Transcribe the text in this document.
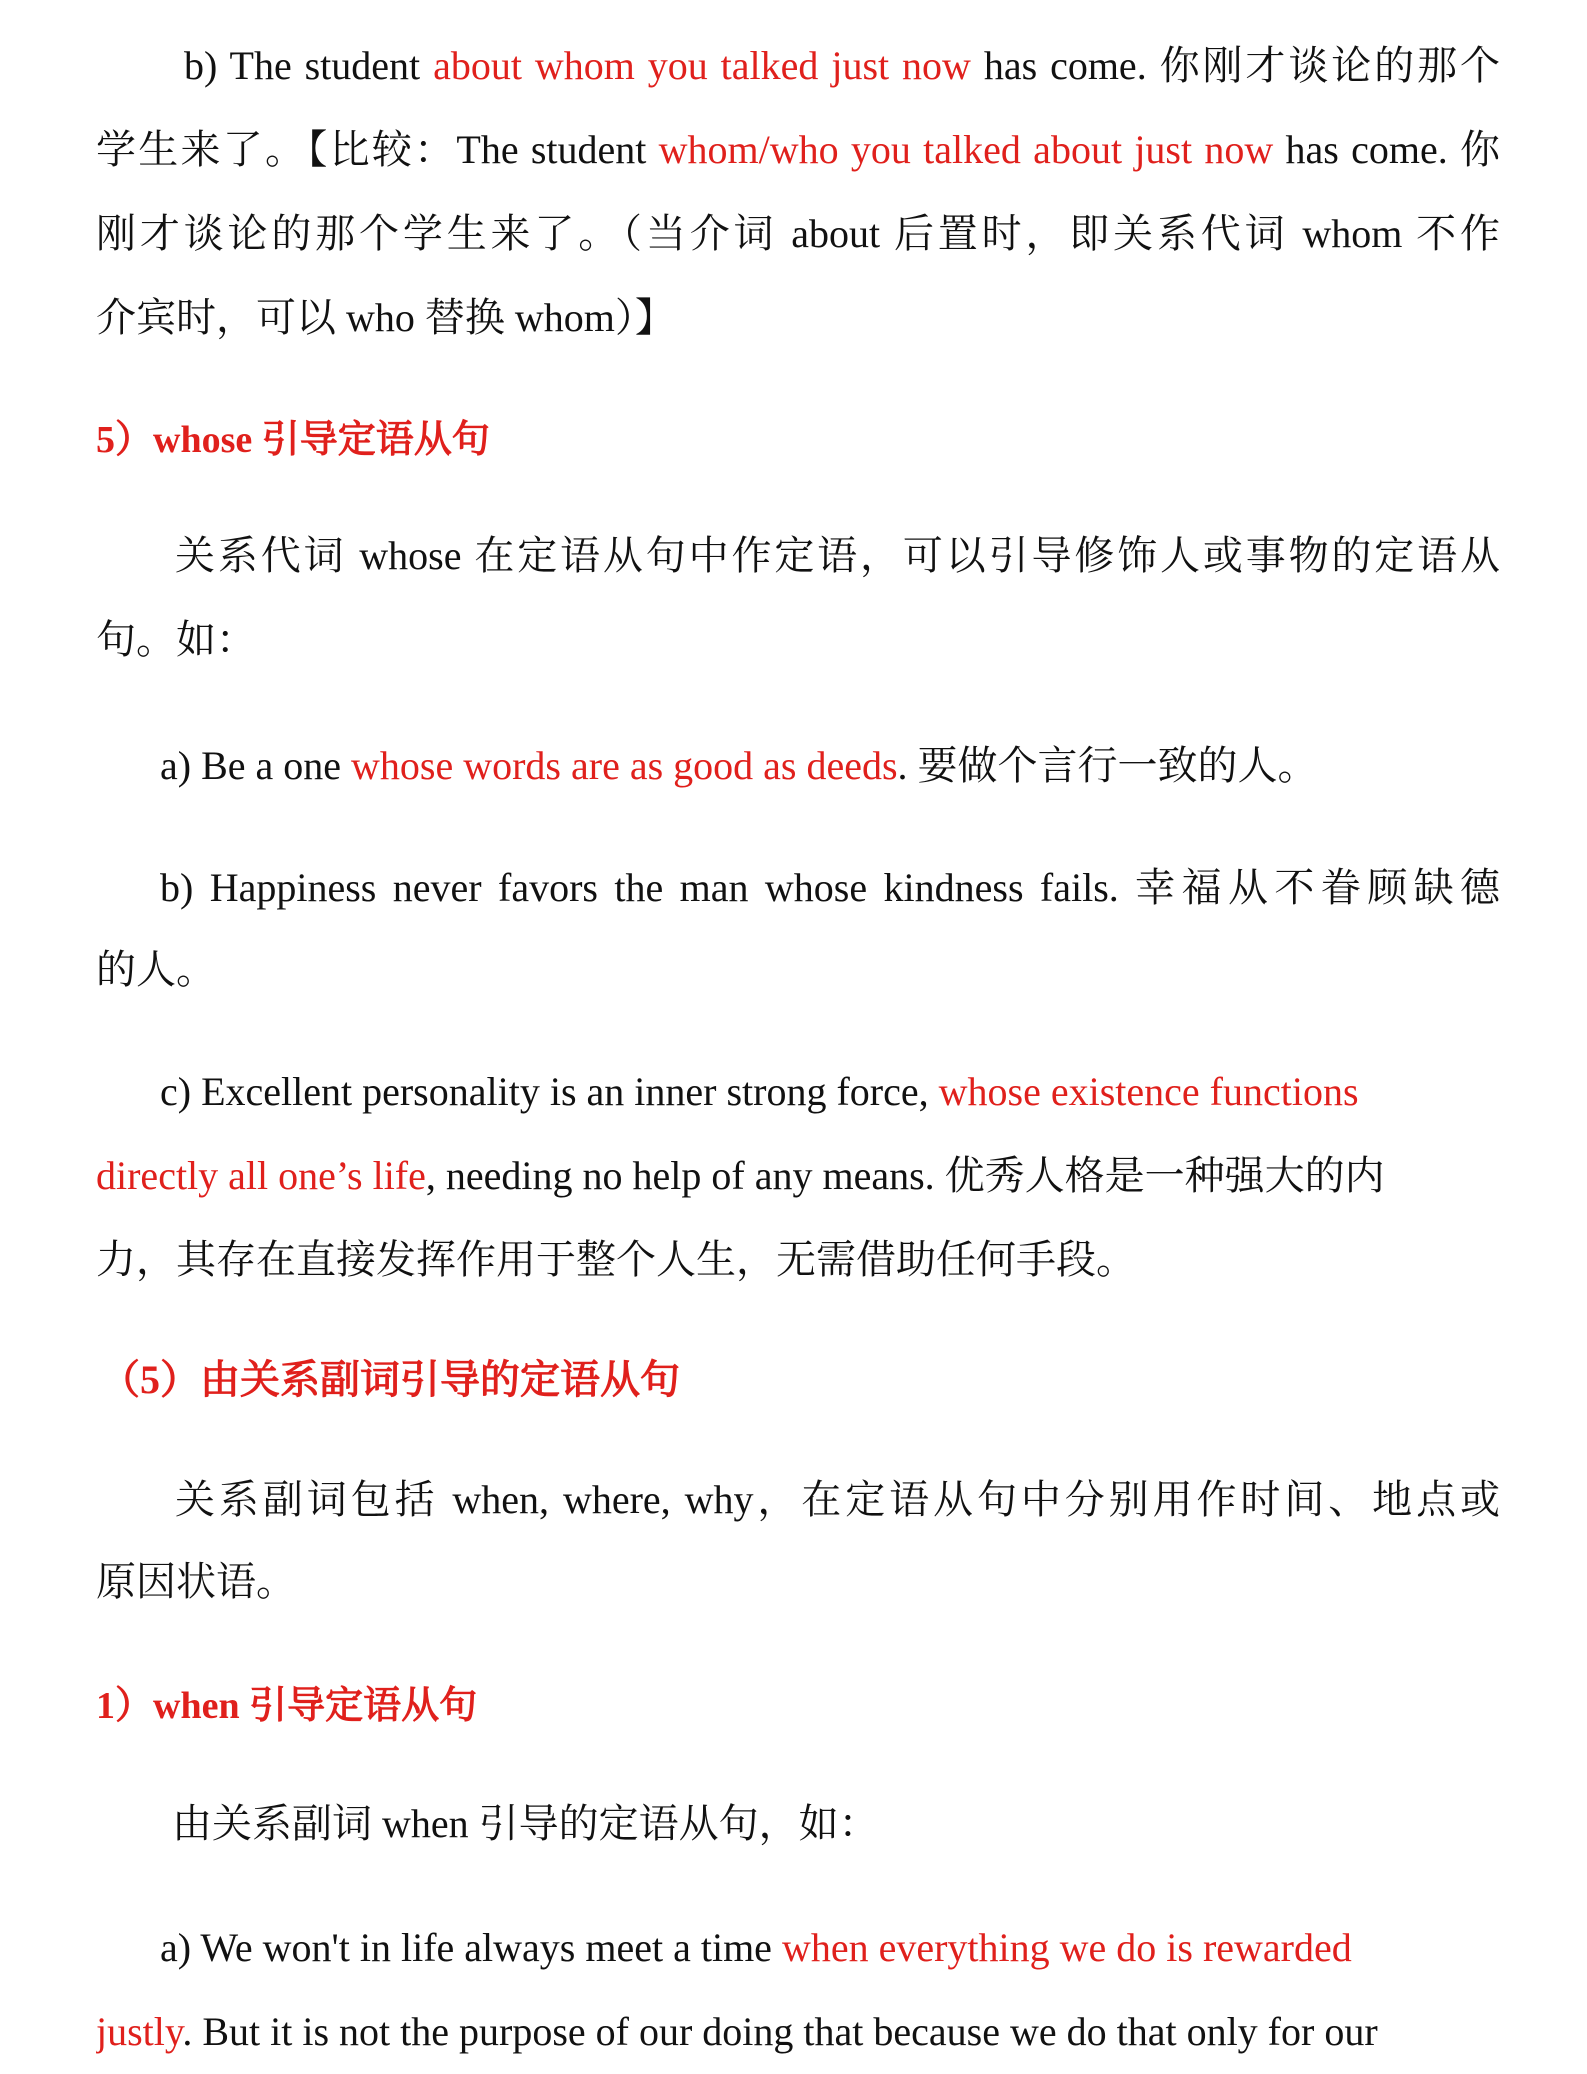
b) The student about whom you talked just now has come. 你刚才谈论的那个
学生来了。【比较：The student whom/who you talked about just now has come. 你
刚才谈论的那个学生来了。（当介词 about 后置时，即关系代词 whom 不作
介宾时，可以 who 替换 whom）】
5）whose 引导定语从句
关系代词 whose 在定语从句中作定语，可以引导修饰人或事物的定语从
句。如：
a) Be a one whose words are as good as deeds. 要做个言行一致的人。
b) Happiness never favors the man whose kindness fails. 幸福从不眷顾缺德
的人。
c) Excellent personality is an inner strong force, whose existence functions
directly all one’s life, needing no help of any means. 优秀人格是一种强大的内
力，其存在直接发挥作用于整个人生，无需借助任何手段。
（5）由关系副词引导的定语从句
关系副词包括 when, where, why，在定语从句中分别用作时间、地点或
原因状语。
1）when 引导定语从句
由关系副词 when 引导的定语从句，如：
a) We won't in life always meet a time when everything we do is rewarded
justly. But it is not the purpose of our doing that because we do that only for our
